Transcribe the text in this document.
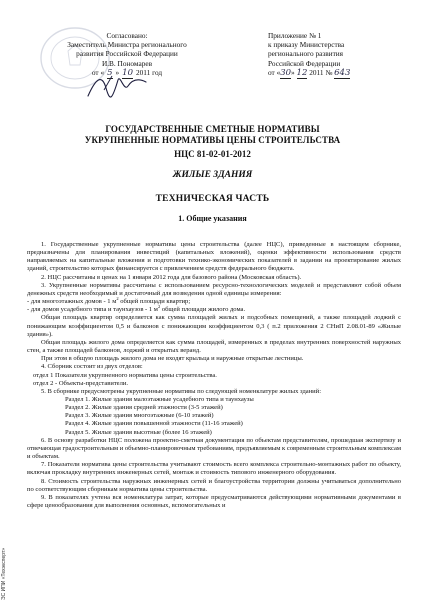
ЭС ИПИ «Техэксперт»
Согласовано:
Заместитель Министра регионального
развития Российской Федерации
И.В. Пономарев
от « 5 » 10 2011 год
Приложение № 1
к приказу Министерства
регионального развития
Российской Федерации
от «30» 12 2011 № 643
ГОСУДАРСТВЕННЫЕ СМЕТНЫЕ НОРМАТИВЫ
УКРУПНЕННЫЕ НОРМАТИВЫ ЦЕНЫ СТРОИТЕЛЬСТВА
НЦС 81-02-01-2012
ЖИЛЫЕ ЗДАНИЯ
ТЕХНИЧЕСКАЯ ЧАСТЬ
1. Общие указания

1. Государственные укрупненные нормативы цены строительства (далее НЦС), приведенные в настоящем сборнике, предназначены для планирования инвестиций (капитальных вложений), оценки эффективности использования средств направляемых на капитальные вложения и подготовки технико-экономических показателей в задании на проектирование жилых зданий, строительство которых финансируется с привлечением средств федерального бюджета.

2. НЦС рассчитаны в ценах на 1 января 2012 года для базового района (Московская область).

3. Укрупненные нормативы рассчитаны с использованием ресурсно-технологических моделей и представляют собой объем денежных средств необходимый и достаточный для возведения одной единицы измерения:

- для многоэтажных домов - 1 $м^2$ общей площади квартир;

- для домов усадебного типа и таунхаузов - 1 $м^2$ общей площади жилого дома.

Общая площадь квартир определяется как сумма площадей жилых и подсобных помещений, а также площадей лоджий с понижающим коэффициентом 0,5 и балконов с понижающим коэффициентом 0,3 ( п.2 приложения 2 СНиП 2.08.01-89 «Жилые здания»).

Общая площадь жилого дома определяется как сумма площадей, измеренных в пределах внутренних поверхностей наружных стен, а также площадей балконов, лоджий и открытых веранд.

При этом в общую площадь жилого дома не входят крыльца и наружные открытые лестницы.

4. Сборник состоит из двух отделов:

отдел 1 Показатели укрупненного норматива цены строительства.

отдел 2 - Объекты-представители.

5. В сборнике предусмотрены укрупненные нормативы по следующей номенклатуре жилых зданий:

Раздел 1. Жилые здания малоэтажные усадебного типа и таунхаузы

Раздел 2. Жилые здания средней этажности (3-5 этажей)

Раздел 3. Жилые здания многоэтажные (6-10 этажей)

Раздел 4. Жилые здания повышенной этажности (11-16 этажей)

Раздел 5. Жилые здания высотные (более 16 этажей)

6. В основу разработки НЦС положена проектно-сметная документация по объектам представителям, прошедшая экспертизу и отвечающая градостроительным и объемно-планировочным требованиям, предъявляемым к современным строительным комплексам и объектам.

7. Показатели норматива цены строительства учитывают стоимость всего комплекса строительно-монтажных работ по объекту, включая прокладку внутренних инженерных сетей, монтаж и стоимость типового инженерного оборудования.

8. Стоимость строительства наружных инженерных сетей и благоустройства территории должны учитываться дополнительно по соответствующим сборникам норматива цены строительства.

9. В показателях учтена вся номенклатура затрат, которые предусматриваются действующими нормативными документами в сфере ценообразования для выполнения основных, вспомогательных и
